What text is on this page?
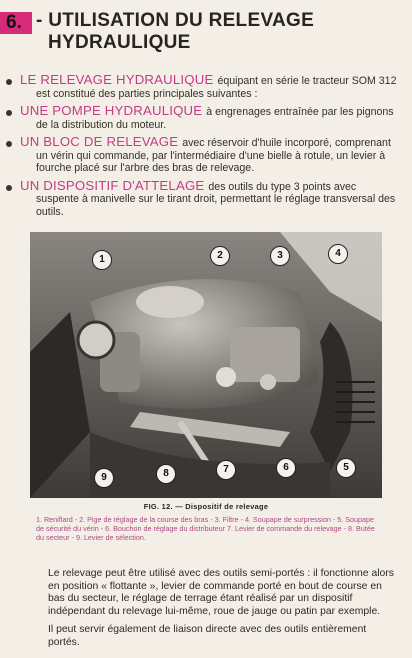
6. - UTILISATION DU RELEVAGE
HYDRAULIQUE
LE RELEVAGE HYDRAULIQUE équipant en série le tracteur SOM 312
est constitué des parties principales suivantes :
UNE POMPE HYDRAULIQUE à engrenages entraînée par les pignons
de la distribution du moteur.
UN BLOC DE RELEVAGE avec réservoir d'huile incorporé, comprenant
un vérin qui commande, par l'intermédiaire d'une bielle à rotule, un levier à fourche placé sur l'arbre des bras de relevage.
UN DISPOSITIF D'ATTELAGE des outils du type 3 points avec
suspente à manivelle sur le tirant droit, permettant le réglage transversal des outils.
1	2	3	4
5
6
7
8
9
FIG. 12. — Dispositif de relevage
1. Reniflard - 2. Pige de réglage de la course des bras - 3. Filtre - 4. Soupape de surpression - 5. Soupape de sécurité du vérin - 6. Bouchon de réglage du distributeur 7. Levier de commande du relevage - 8. Butée du secteur - 9. Levier de sélection.

Le relevage peut être utilisé avec des outils semi-portés : il fonctionne alors en position « flottante », levier de commande porté en bout de course en bas du secteur, le réglage de terrage étant réalisé par un dispositif indépendant du relevage lui-même, roue de jauge ou patin par exemple.

Il peut servir également de liaison directe avec des outils entièrement portés.
